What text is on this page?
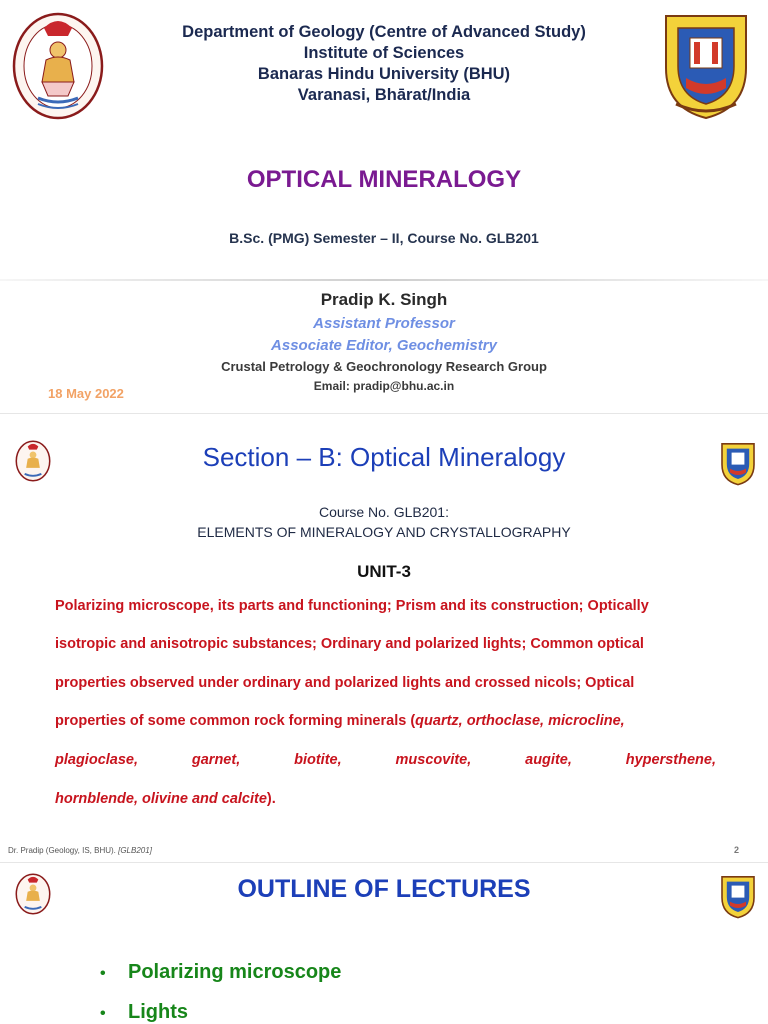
Department of Geology (Centre of Advanced Study)
Institute of Sciences
Banaras Hindu University (BHU)
Varanasi, Bhārat/India
OPTICAL MINERALOGY
B.Sc. (PMG) Semester – II, Course No. GLB201
Pradip K. Singh
Assistant Professor
Associate Editor, Geochemistry
Crustal Petrology & Geochronology Research Group
Email: pradip@bhu.ac.in
18 May 2022
Section – B: Optical Mineralogy
Course No. GLB201:
ELEMENTS OF MINERALOGY AND CRYSTALLOGRAPHY
UNIT-3
Polarizing microscope, its parts and functioning; Prism and its construction; Optically
isotropic and anisotropic substances; Ordinary and polarized lights; Common optical
properties observed under ordinary and polarized lights and crossed nicols; Optical
properties of some common rock forming minerals (quartz, orthoclase, microcline,
plagioclase,	garnet,	biotite,	muscovite,	augite,	hypersthene,
hornblende, olivine and calcite).
Dr. Pradip (Geology, IS, BHU). [GLB201]	2
OUTLINE OF LECTURES
• Polarizing microscope
• Lights
